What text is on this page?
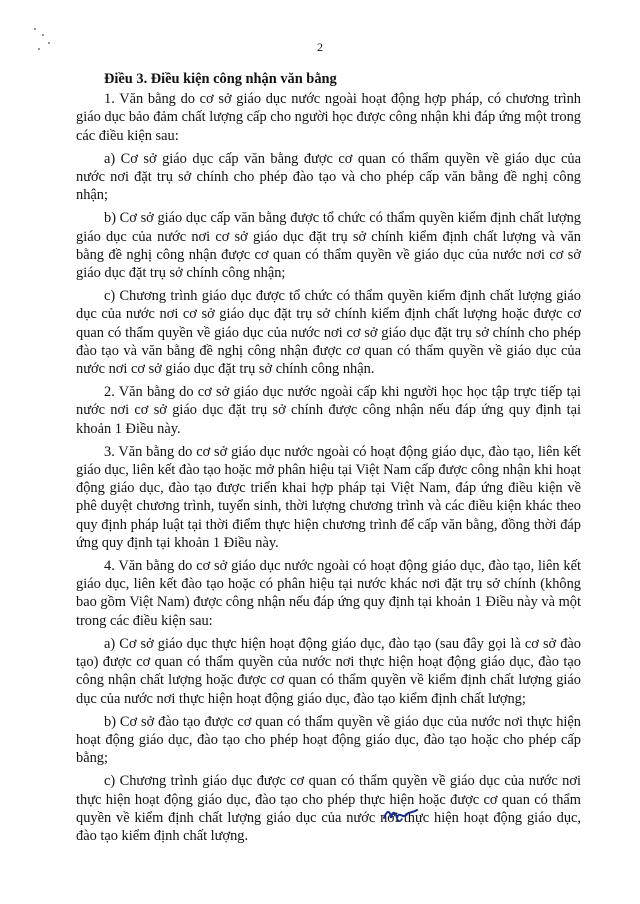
2

Điều 3. Điều kiện công nhận văn bằng

1. Văn bằng do cơ sở giáo dục nước ngoài hoạt động hợp pháp, có chương trình giáo dục bảo đảm chất lượng cấp cho người học được công nhận khi đáp ứng một trong các điều kiện sau:

a) Cơ sở giáo dục cấp văn bằng được cơ quan có thẩm quyền về giáo dục của nước nơi đặt trụ sở chính cho phép đào tạo và cho phép cấp văn bằng đề nghị công nhận;

b) Cơ sở giáo dục cấp văn bằng được tổ chức có thẩm quyền kiểm định chất lượng giáo dục của nước nơi cơ sở giáo dục đặt trụ sở chính kiểm định chất lượng và văn bằng đề nghị công nhận được cơ quan có thẩm quyền về giáo dục của nước nơi cơ sở giáo dục đặt trụ sở chính công nhận;

c) Chương trình giáo dục được tổ chức có thẩm quyền kiểm định chất lượng giáo dục của nước nơi cơ sở giáo dục đặt trụ sở chính kiểm định chất lượng hoặc được cơ quan có thẩm quyền về giáo dục của nước nơi cơ sở giáo dục đặt trụ sở chính cho phép đào tạo và văn bằng đề nghị công nhận được cơ quan có thẩm quyền về giáo dục của nước nơi cơ sở giáo dục đặt trụ sở chính công nhận.

2. Văn bằng do cơ sở giáo dục nước ngoài cấp khi người học học tập trực tiếp tại nước nơi cơ sở giáo dục đặt trụ sở chính được công nhận nếu đáp ứng quy định tại khoản 1 Điều này.

3. Văn bằng do cơ sở giáo dục nước ngoài có hoạt động giáo dục, đào tạo, liên kết giáo dục, liên kết đào tạo hoặc mở phân hiệu tại Việt Nam cấp được công nhận khi hoạt động giáo dục, đào tạo được triển khai hợp pháp tại Việt Nam, đáp ứng điều kiện về phê duyệt chương trình, tuyển sinh, thời lượng chương trình và các điều kiện khác theo quy định pháp luật tại thời điểm thực hiện chương trình để cấp văn bằng, đồng thời đáp ứng quy định tại khoản 1 Điều này.

4. Văn bằng do cơ sở giáo dục nước ngoài có hoạt động giáo dục, đào tạo, liên kết giáo dục, liên kết đào tạo hoặc có phân hiệu tại nước khác nơi đặt trụ sở chính (không bao gồm Việt Nam) được công nhận nếu đáp ứng quy định tại khoản 1 Điều này và một trong các điều kiện sau:

a) Cơ sở giáo dục thực hiện hoạt động giáo dục, đào tạo (sau đây gọi là cơ sở đào tạo) được cơ quan có thẩm quyền của nước nơi thực hiện hoạt động giáo dục, đào tạo công nhận chất lượng hoặc được cơ quan có thẩm quyền về kiểm định chất lượng giáo dục của nước nơi thực hiện hoạt động giáo dục, đào tạo kiểm định chất lượng;

b) Cơ sở đào tạo được cơ quan có thẩm quyền về giáo dục của nước nơi thực hiện hoạt động giáo dục, đào tạo cho phép hoạt động giáo dục, đào tạo hoặc cho phép cấp bằng;

c) Chương trình giáo dục được cơ quan có thẩm quyền về giáo dục của nước nơi thực hiện hoạt động giáo dục, đào tạo cho phép thực hiện hoặc được cơ quan có thẩm quyền về kiểm định chất lượng giáo dục của nước nơi thực hiện hoạt động giáo dục, đào tạo kiểm định chất lượng.
